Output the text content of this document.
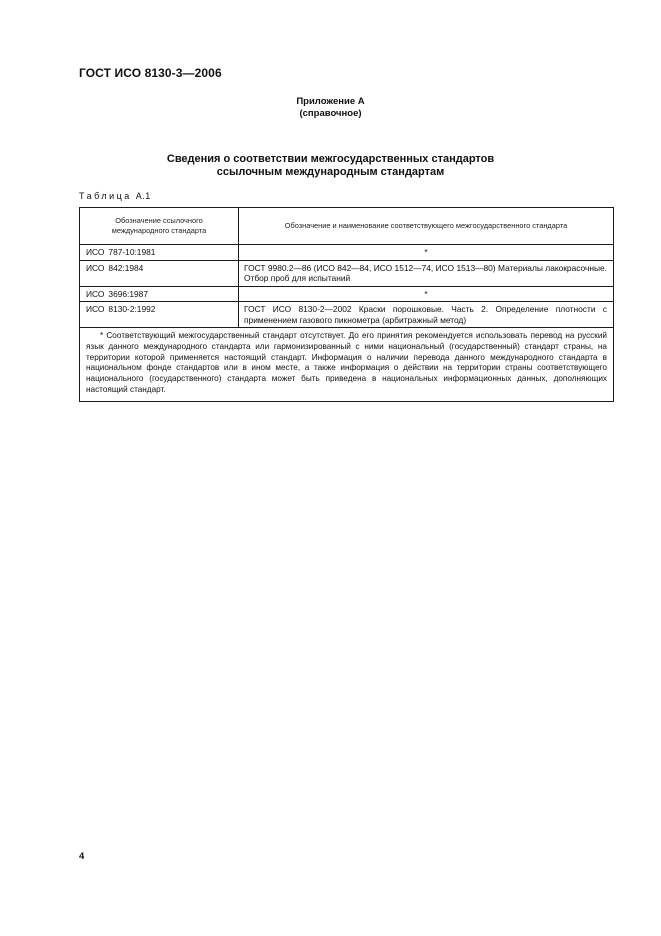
ГОСТ ИСО 8130-3—2006
Приложение А
(справочное)
Сведения о соответствии межгосударственных стандартов
ссылочным международным стандартам
Таблица А.1
Обозначение ссылочного международного стандарта	Обозначение и наименование соответствующего межгосударственного стандарта
ИСО 787-10:1981	*
ИСО 842:1984	ГОСТ 9980.2—86 (ИСО 842—84, ИСО 1512—74, ИСО 1513—80) Материалы лакокрасочные. Отбор проб для испытаний
ИСО 3696:1987	*
ИСО 8130-2:1992	ГОСТ ИСО 8130-2—2002 Краски порошковые. Часть 2. Определение плотности с применением газового пикнометра (арбитражный метод)
* Соответствующий межгосударственный стандарт отсутствует. До его принятия рекомендуется использовать перевод на русский язык данного международного стандарта или гармонизированный с ними национальный (государственный) стандарт страны, на территории которой применяется настоящий стандарт. Информация о наличии перевода данного международного стандарта в национальном фонде стандартов или в ином месте, а также информация о действии на территории страны соответствующего национального (государственного) стандарта может быть приведена в национальных информационных данных, дополняющих настоящий стандарт.	
4
